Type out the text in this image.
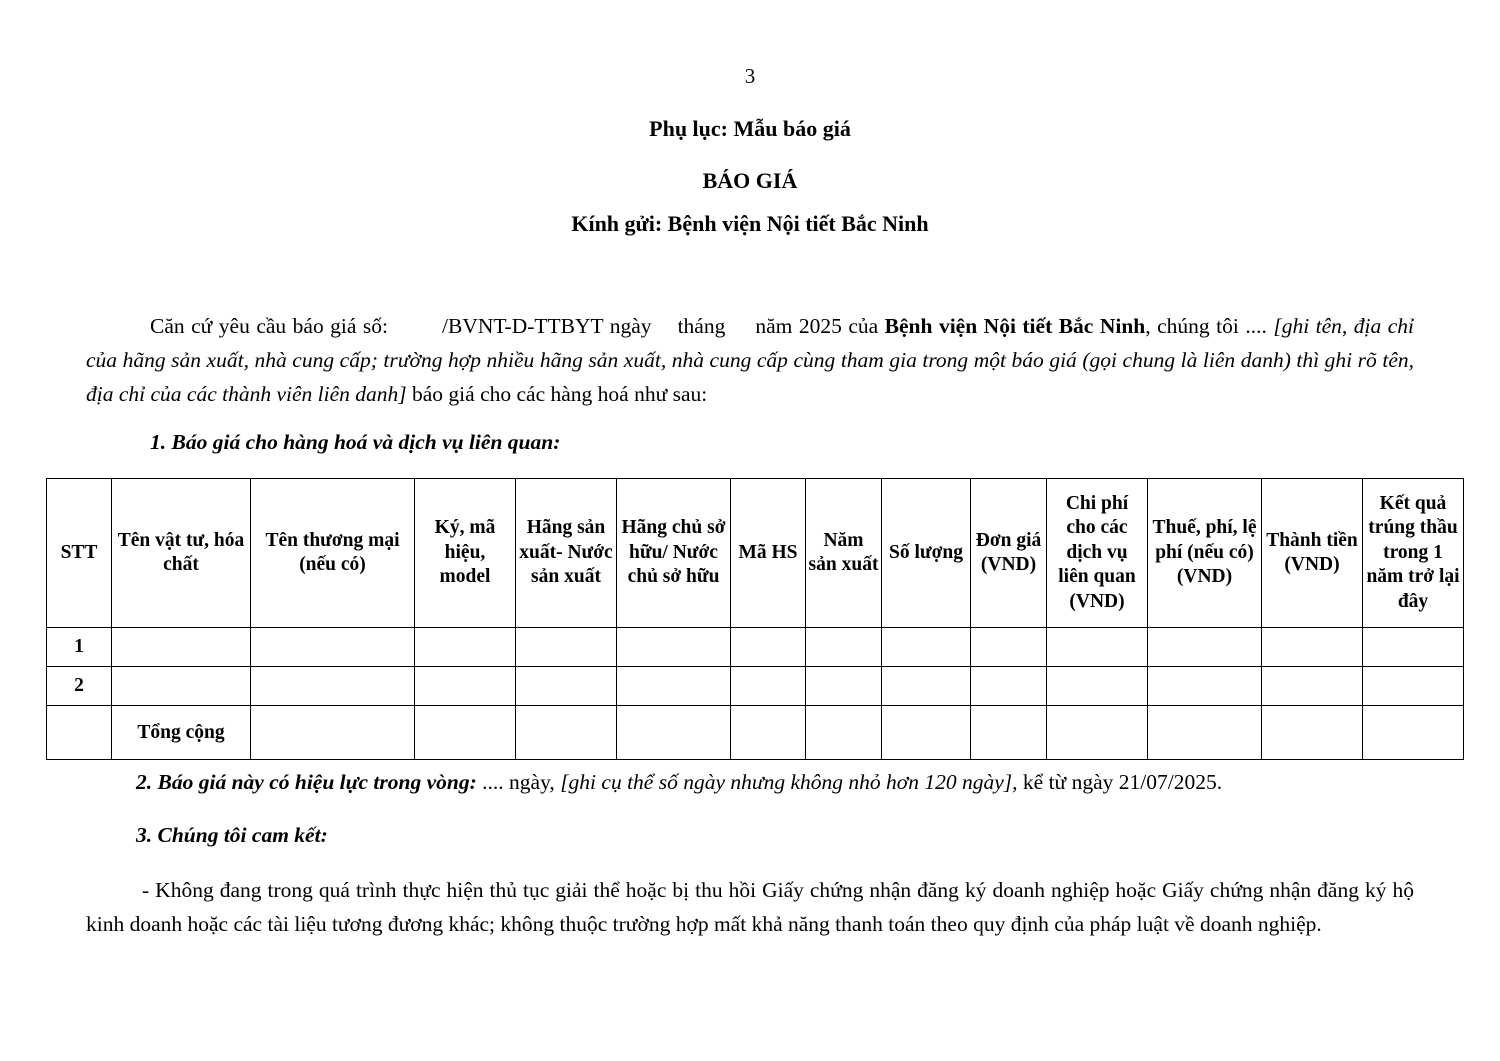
3
Phụ lục: Mẫu báo giá
BÁO GIÁ
Kính gửi: Bệnh viện Nội tiết Bắc Ninh
Căn cứ yêu cầu báo giá số:	/BVNT-D-TTBYT ngày tháng năm 2025 của Bệnh viện Nội tiết Bắc Ninh, chúng tôi .... [ghi tên, địa chỉ của hãng sản xuất, nhà cung cấp; trường hợp nhiều hãng sản xuất, nhà cung cấp cùng tham gia trong một báo giá (gọi chung là liên danh) thì ghi rõ tên, địa chỉ của các thành viên liên danh] báo giá cho các hàng hoá như sau:
1. Báo giá cho hàng hoá và dịch vụ liên quan:
STT	Tên vật tư, hóa chất	Tên thương mại (nếu có)	Ký, mã hiệu, model	Hãng sản xuất- Nước sản xuất	Hãng chủ sở hữu/ Nước chủ sở hữu	Mã HS	Năm sản xuất	Số lượng	Đơn giá (VND)	Chi phí cho các dịch vụ liên quan (VND)	Thuế, phí, lệ phí (nếu có) (VND)	Thành tiền (VND)	Kết quả trúng thầu trong 1 năm trở lại đây
1													
2													
	Tổng cộng												
2. Báo giá này có hiệu lực trong vòng: .... ngày, [ghi cụ thể số ngày nhưng không nhỏ hơn 120 ngày], kể từ ngày 21/07/2025.
3. Chúng tôi cam kết:
- Không đang trong quá trình thực hiện thủ tục giải thể hoặc bị thu hồi Giấy chứng nhận đăng ký doanh nghiệp hoặc Giấy chứng nhận đăng ký hộ kinh doanh hoặc các tài liệu tương đương khác; không thuộc trường hợp mất khả năng thanh toán theo quy định của pháp luật về doanh nghiệp.
